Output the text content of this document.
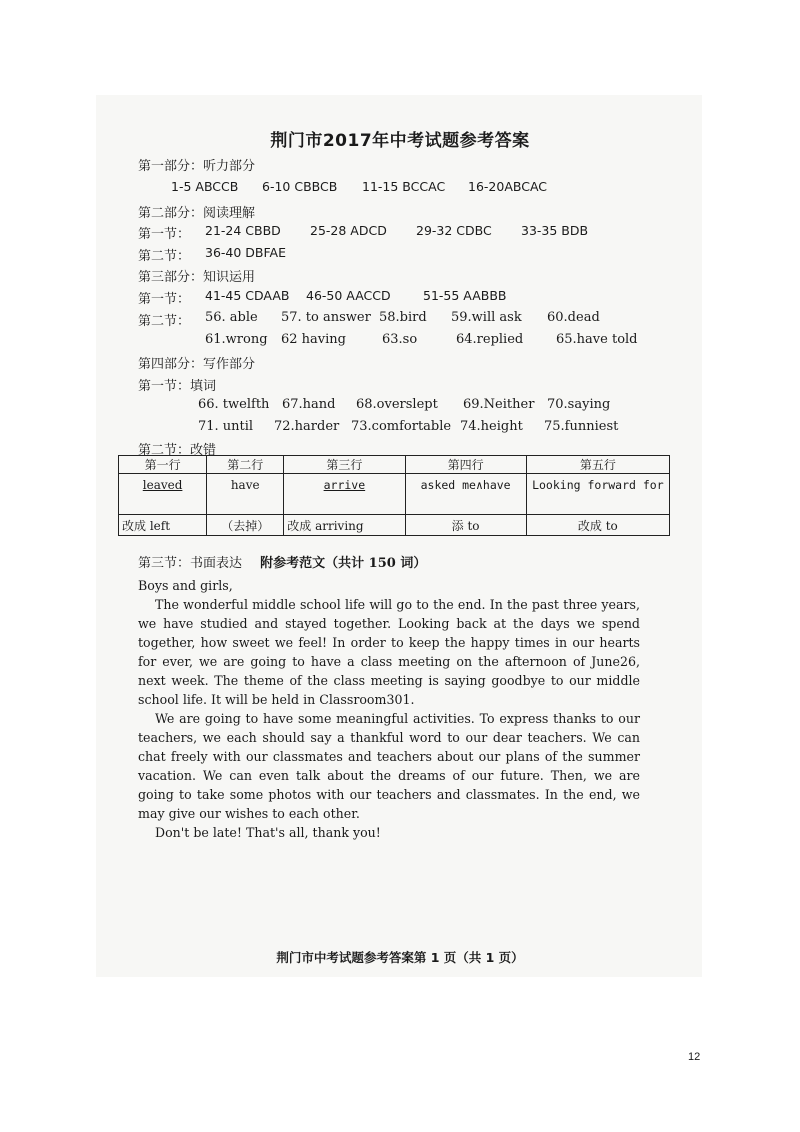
荆门市2017年中考试题参考答案
第一部分：听力部分
1-5 ABCCB 6-10 CBBCB 11-15 BCCAC 16-20ABCAC
第二部分：阅读理解
第一节： 21-24 CBBD 25-28 ADCD 29-32 CDBC 33-35 BDB
第二节： 36-40 DBFAE
第三部分：知识运用
第一节： 41-45 CDAAB 46-50 AACCD	51-55 AABBB
第二节： 56. able 57. to answer 58.bird 59.will ask 60.dead
61.wrong 62 having	63.so	64.replied	65.have told
第四部分：写作部分
第一节：填词
66. twelfth 67.hand 68.overslept 69.Neither 70.saying
71. until 72.harder 73.comfortable 74.height 75.funniest
第二节：改错
第一行	第二行	第三行	第四行	第五行
leaved	have	arrive	asked me∧have	Looking forward for
改成 left	（去掉）	改成 arriving	添 to	改成 to
第三节：书面表达 附参考范文（共计 150 词）

Boys and girls,

The wonderful middle school life will go to the end. In the past three years, we have studied and stayed together. Looking back at the days we spend together, how sweet we feel! In order to keep the happy times in our hearts for ever, we are going to have a class meeting on the afternoon of June26, next week. The theme of the class meeting is saying goodbye to our middle school life. It will be held in Classroom301.

We are going to have some meaningful activities. To express thanks to our teachers, we each should say a thankful word to our dear teachers. We can chat freely with our classmates and teachers about our plans of the summer vacation. We can even talk about the dreams of our future. Then, we are going to take some photos with our teachers and classmates. In the end, we may give our wishes to each other.

Don't be late! That's all, thank you!

荆门市中考试题参考答案第 1 页（共 1 页）
12
